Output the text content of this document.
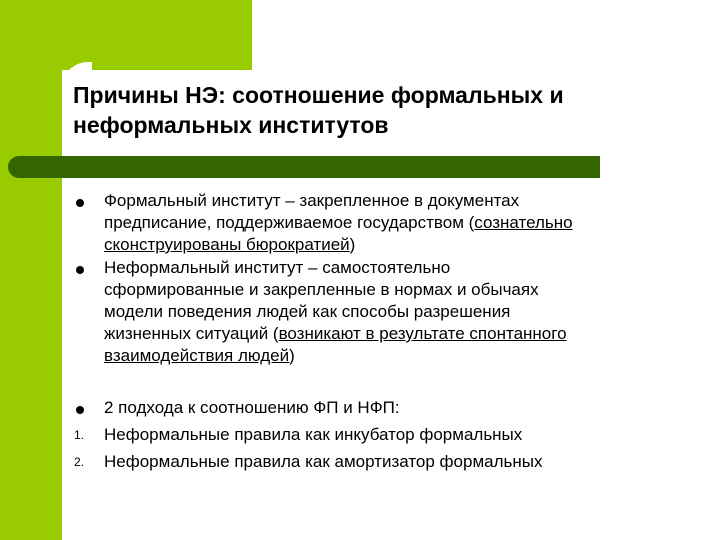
Причины НЭ: соотношение формальных и
неформальных институтов
Формальный институт – закрепленное в документах
предписание, поддерживаемое государством (сознательно
сконструированы бюрократией)
Неформальный институт – самостоятельно
сформированные и закрепленные в нормах и обычаях
модели поведения людей как способы разрешения
жизненных ситуаций (возникают в результате спонтанного
взаимодействия людей)
2 подхода к соотношению ФП и НФП:
1. Неформальные правила как инкубатор формальных
2. Неформальные правила как амортизатор формальных
